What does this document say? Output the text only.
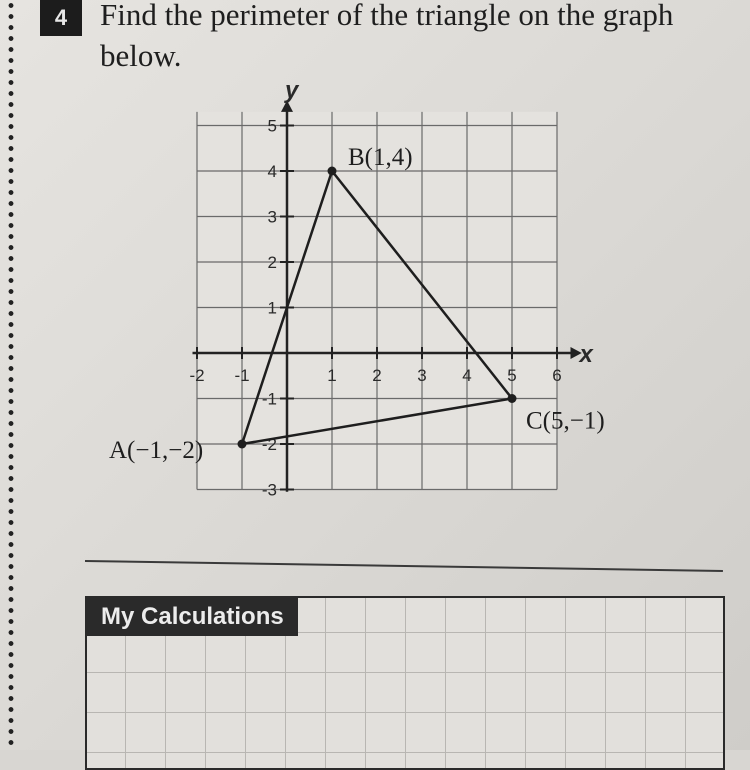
4	Find the perimeter of the triangle on the graph below.
x
y
-2 -1	1 2 3 4 5 6
5
4
3
2
1
-1
-2
-3
A(−1,−2)
B(1,4)
C(5,−1)
My Calculations
